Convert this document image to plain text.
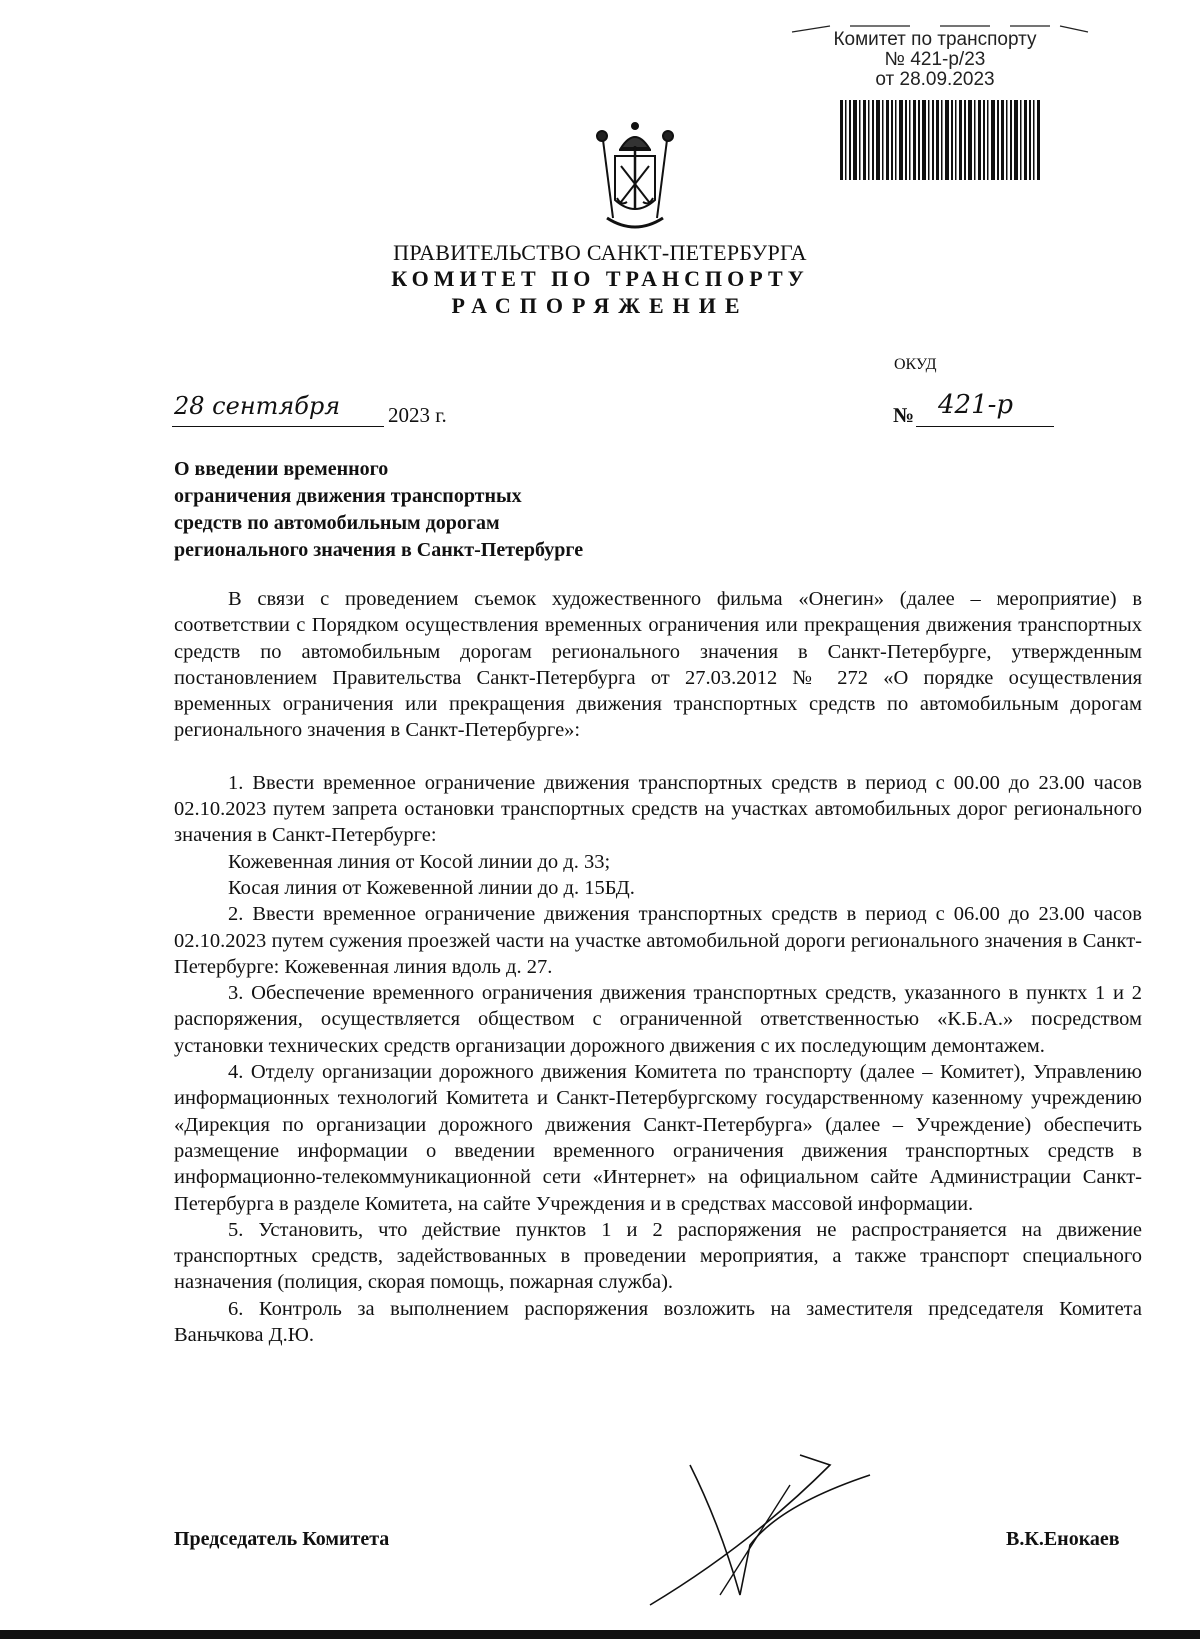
Комитет по транспорту
№ 421-р/23
от 28.09.2023
ПРАВИТЕЛЬСТВО САНКТ-ПЕТЕРБУРГА
КОМИТЕТ ПО ТРАНСПОРТУ
РАСПОРЯЖЕНИЕ
ОКУД
28 сентября 2023 г.	№ 421-р
О введении временного
ограничения движения транспортных
средств по автомобильным дорогам
регионального значения в Санкт-Петербурге

В связи с проведением съемок художественного фильма «Онегин» (далее – мероприятие) в соответствии с Порядком осуществления временных ограничения или прекращения движения транспортных средств по автомобильным дорогам регионального значения в Санкт-Петербурге, утвержденным постановлением Правительства Санкт-Петербурга от 27.03.2012 № 272 «О порядке осуществления временных ограничения или прекращения движения транспортных средств по автомобильным дорогам регионального значения в Санкт-Петербурге»:

1. Ввести временное ограничение движения транспортных средств в период с 00.00 до 23.00 часов 02.10.2023 путем запрета остановки транспортных средств на участках автомобильных дорог регионального значения в Санкт-Петербурге:

Кожевенная линия от Косой линии до д. 33;

Косая линия от Кожевенной линии до д. 15БД.

2. Ввести временное ограничение движения транспортных средств в период с 06.00 до 23.00 часов 02.10.2023 путем сужения проезжей части на участке автомобильной дороги регионального значения в Санкт-Петербурге: Кожевенная линия вдоль д. 27.

3. Обеспечение временного ограничения движения транспортных средств, указанного в пунктх 1 и 2 распоряжения, осуществляется обществом с ограниченной ответственностью «К.Б.А.» посредством установки технических средств организации дорожного движения с их последующим демонтажем.

4. Отделу организации дорожного движения Комитета по транспорту (далее – Комитет), Управлению информационных технологий Комитета и Санкт-Петербургскому государственному казенному учреждению «Дирекция по организации дорожного движения Санкт-Петербурга» (далее – Учреждение) обеспечить размещение информации о введении временного ограничения движения транспортных средств в информационно-телекоммуникационной сети «Интернет» на официальном сайте Администрации Санкт-Петербурга в разделе Комитета, на сайте Учреждения и в средствах массовой информации.

5. Установить, что действие пунктов 1 и 2 распоряжения не распространяется на движение транспортных средств, задействованных в проведении мероприятия, а также транспорт специального назначения (полиция, скорая помощь, пожарная служба).

6. Контроль за выполнением распоряжения возложить на заместителя председателя Комитета Ваньчкова Д.Ю.

Председатель Комитета	В.К.Енокаев
